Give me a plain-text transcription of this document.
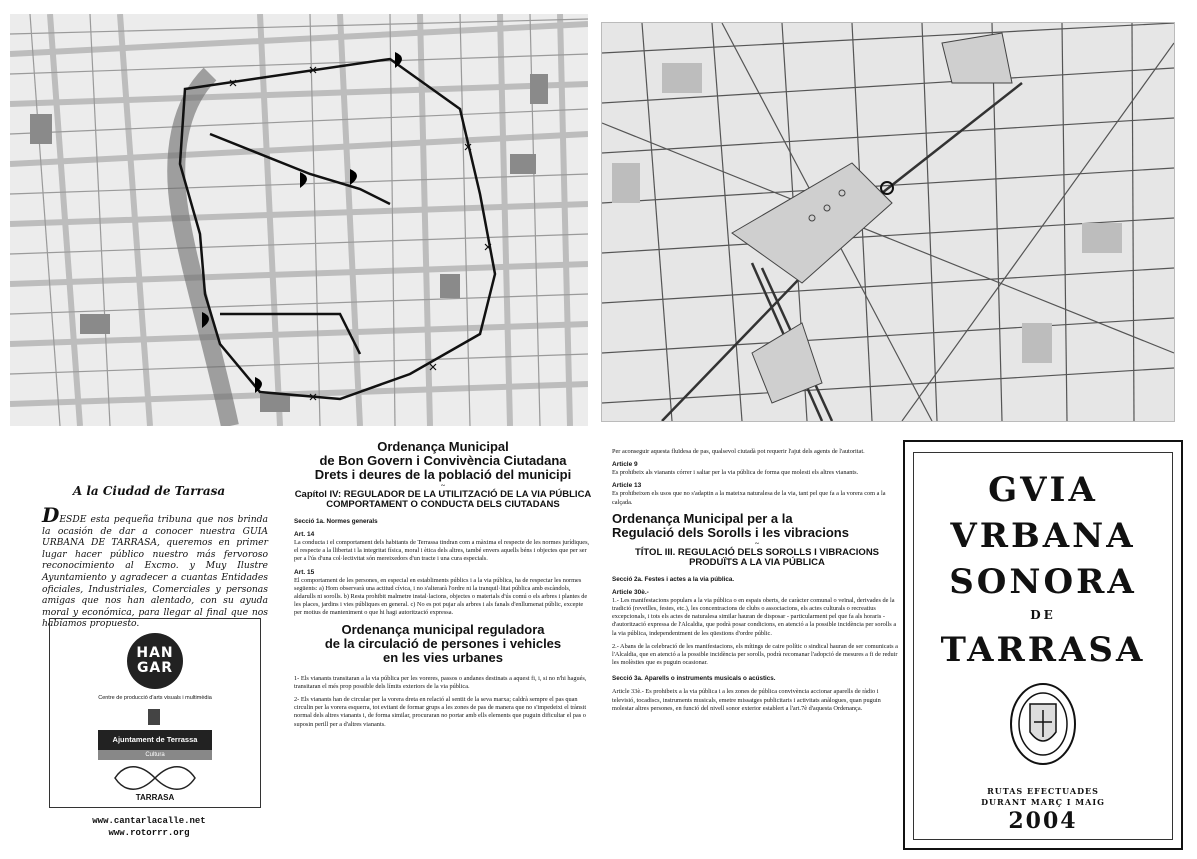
A la Ciudad de Tarrasa
DESDE esta pequeña tribuna que nos brinda la ocasión de dar a conocer nuestra GUIA URBANA DE TARRASA, queremos en primer lugar hacer público nuestro más fervoroso reconocimiento al Excmo. y Muy Ilustre Ayuntamiento y agradecer a cuantas Entidades oficiales, Industriales, Comerciales y personas amigas que nos han alentado, con su ayuda moral y económica, para llegar al final que nos habíamos propuesto.
HAN GAR
Centre de producció d'arts visuals i multimèdia
Ajuntament de Terrassa
Cultura
TARRASA
www.cantarlacalle.net
www.rotorrr.org

Ordenança Municipal

de Bon Govern i Convivència Ciutadana

Drets i deures de la població del municipi

~

Capítol IV: REGULADOR DE LA UTILITZACIÓ DE LA VIA PÚBLICA COMPORTAMENT O CONDUCTA DELS CIUTADANS

Secció 1a. Normes generals
Art. 14

La conducta i el comportament dels habitants de Terrassa tindran com a màxima el respecte de les normes jurídiques, el respecte a la llibertat i la integritat física, moral i ètica dels altres, també envers aquells béns i objectes que per ser per a l'ús d'una col·lectivitat són mereixedors d'un tracte i una cura especials.

Art. 15

El comportament de les persones, en especial en establiments públics i a la via pública, ha de respectar les normes següents: a) Hom observarà una actitud cívica, i no s'alterarà l'ordre ni la tranquil·litat pública amb escàndols, aldarulls ni sorolls. b) Resta prohibit malmetre instal·lacions, objectes o materials d'ús comú o els arbres i plantes de les places, jardins i vies públiques en general. c) No es pot pujar als arbres i als fanals d'enllumenat públic, excepte per motius de manteniment o que hi hagi autorització expressa.

Ordenança municipal reguladora

de la circulació de persones i vehicles

en les vies urbanes

1- Els vianants transitaran a la via pública per les voreres, passos o andanes destinats a aquest fi, i, si no n'hi hagués, transitaran el més prop possible dels límits exteriors de la via pública.

2- Els vianants han de circular per la vorera dreta en relació al sentit de la seva marxa; caldrà sempre el pas quan circulin per la vorera esquerra, tot evitant de formar grups a les zones de pas de manera que no s'impedeixi el trànsit normal dels altres vianants i, de forma similar, procuraran no portar amb ells elements que puguin dificultar el pas o suposin perill per a d'altres vianants.

Per aconseguir aquesta fluïdesa de pas, qualsevol ciutadà pot requerir l'ajut dels agents de l'autoritat.

Article 9

Es prohibeix als vianants córrer i saltar per la via pública de forma que molesti els altres vianants.

Article 13

Es prohibeixen els usos que no s'adaptin a la mateixa naturalesa de la via, tant pel que fa a la vorera com a la calçada.

Ordenança Municipal per a la

Regulació dels Sorolls i les vibracions

~

TÍTOL III. REGULACIÓ DELS SOROLLS I VIBRACIONS PRODUÏTS A LA VIA PÚBLICA

Secció 2a. Festes i actes a la via pública.
Article 30è.-

1.- Les manifestacions populars a la via pública o en espais oberts, de caràcter comunal o veïnal, derivades de la tradició (revetlles, festes, etc.), les concentracions de clubs o associacions, els actes culturals o recreatius excepcionals, i tots els actes de naturalesa similar hauran de disposar - particularment pel que fa als horaris - d'autorització expressa de l'Alcaldia, que podrà posar condicions, en atenció a la possible incidència per sorolls a la via pública, independentment de les qüestions d'ordre públic.

2.- Abans de la celebració de les manifestacions, els mítings de caire polític o sindical hauran de ser comunicats a l'Alcaldia, que en atenció a la possible incidència per sorolls, podrà recomanar l'adopció de mesures a fi de reduir les molèsties que es puguin ocasionar.

Secció 3a. Aparells o instruments musicals o acústics.

Article 33è.- Es prohibeix a la via pública i a les zones de pública convivència accionar aparells de ràdio i televisió, tocadiscs, instruments musicals, emetre missatges publicitaris i activitats anàlogues, quan puguin molestar altres persones, en funció del nivell sonor exterior establert a l'art.7è d'aquesta Ordenança.

GVIA
VRBANA
SONORA
DE
TARRASA
RUTAS EFECTUADES
DURANT MARÇ I MAIG
2004
